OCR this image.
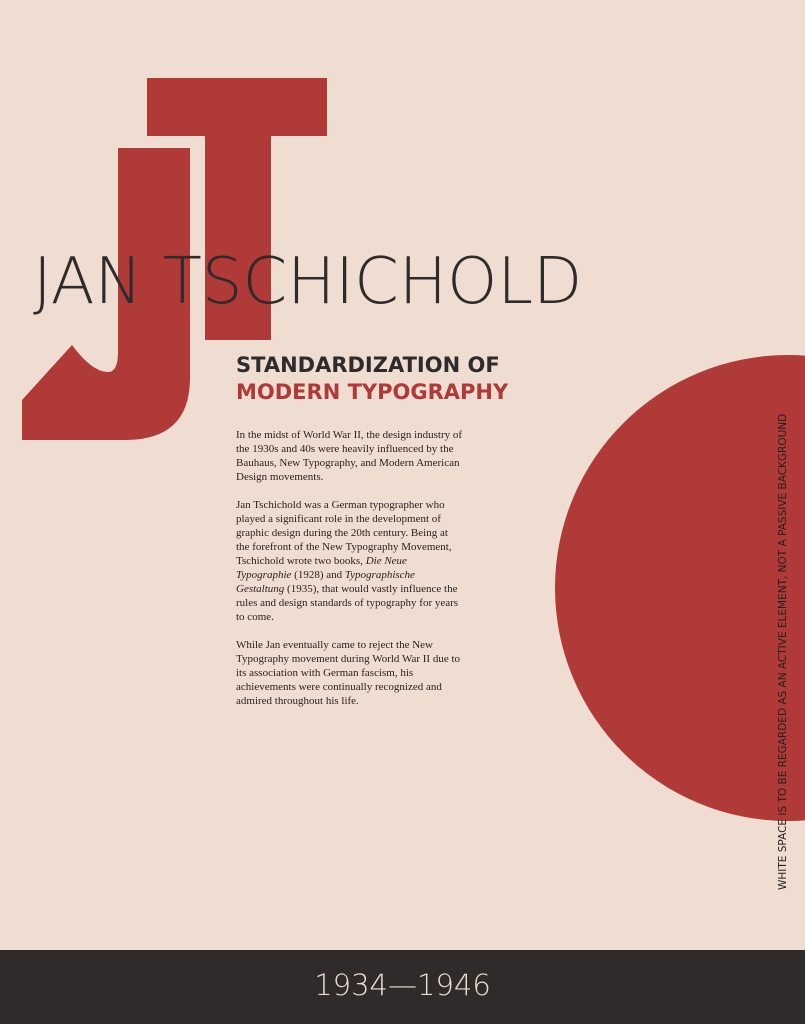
JAN TSCHICHOLD
STANDARDIZATION OF
MODERN TYPOGRAPHY

In the midst of World War II, the design industry of the 1930s and 40s were heavily influenced by the Bauhaus, New Typography, and Modern American Design movements.

Jan Tschichold was a German typographer who played a significant role in the development of graphic design during the 20th century. Being at the forefront of the New Typography Movement, Tschichold wrote two books, Die Neue Typographie (1928) and Typographische Gestaltung (1935), that would vastly influence the rules and design standards of typography for years to come.

While Jan eventually came to reject the New Typography movement during World War II due to its association with German fascism, his achievements were continually recognized and admired throughout his life.	WHITE SPACE IS TO BE REGARDED AS AN ACTIVE ELEMENT, NOT A PASSIVE BACKGROUND
1934—1946
